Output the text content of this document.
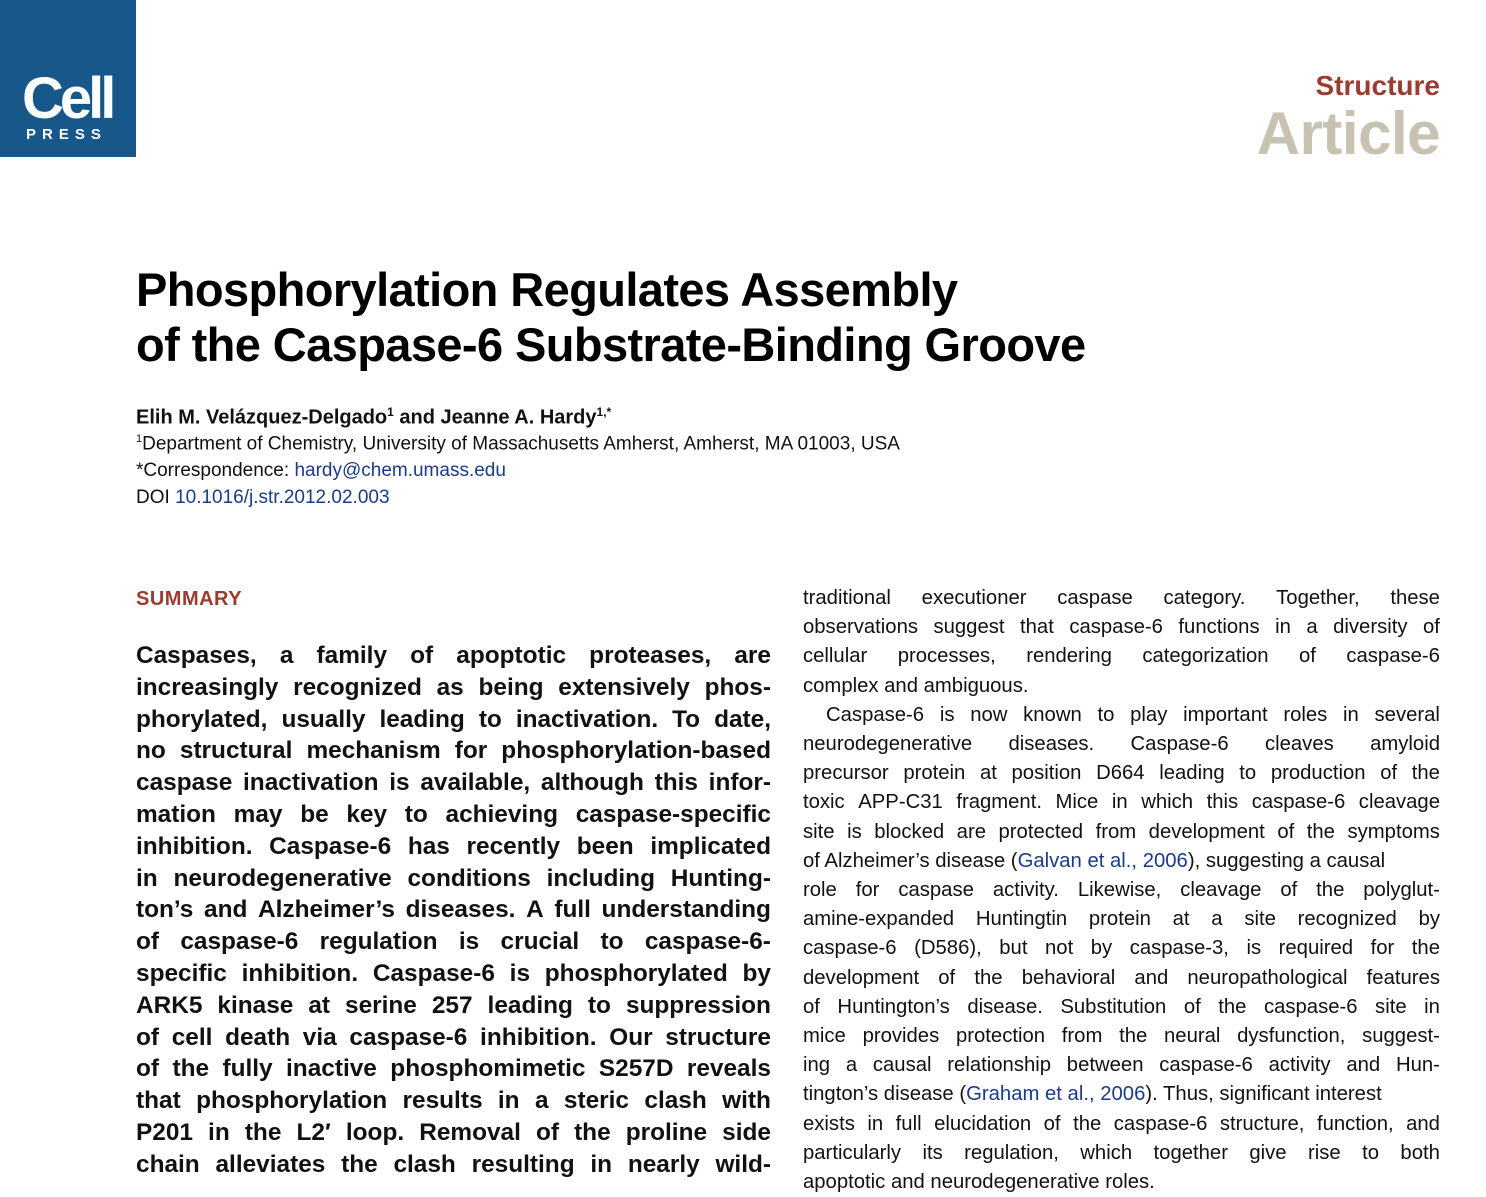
Cell
PRESS
Structure
Article
Phosphorylation Regulates Assembly
of the Caspase-6 Substrate-Binding Groove
Elih M. Velázquez-Delgado$^1$ and Jeanne A. Hardy$^{1,*}$
$^1$Department of Chemistry, University of Massachusetts Amherst, Amherst, MA 01003, USA
*Correspondence: hardy@chem.umass.edu
DOI 10.1016/j.str.2012.02.003
SUMMARY
Caspases, a family of apoptotic proteases, are
increasingly recognized as being extensively phos-
phorylated, usually leading to inactivation. To date,
no structural mechanism for phosphorylation-based
caspase inactivation is available, although this infor-
mation may be key to achieving caspase-specific
inhibition. Caspase-6 has recently been implicated
in neurodegenerative conditions including Hunting-
ton’s and Alzheimer’s diseases. A full understanding
of caspase-6 regulation is crucial to caspase-6-
specific inhibition. Caspase-6 is phosphorylated by
ARK5 kinase at serine 257 leading to suppression
of cell death via caspase-6 inhibition. Our structure
of the fully inactive phosphomimetic S257D reveals
that phosphorylation results in a steric clash with
P201 in the L2′ loop. Removal of the proline side
chain alleviates the clash resulting in nearly wild-

traditional executioner caspase category. Together, these
observations suggest that caspase-6 functions in a diversity of
cellular processes, rendering categorization of caspase-6
complex and ambiguous.

Caspase-6 is now known to play important roles in several
neurodegenerative diseases. Caspase-6 cleaves amyloid
precursor protein at position D664 leading to production of the
toxic APP-C31 fragment. Mice in which this caspase-6 cleavage
site is blocked are protected from development of the symptoms
of Alzheimer’s disease ( Galvan et al., 2006 ), suggesting a causal
role for caspase activity. Likewise, cleavage of the polyglut-
amine-expanded Huntingtin protein at a site recognized by
caspase-6 (D586), but not by caspase-3, is required for the
development of the behavioral and neuropathological features
of Huntington’s disease. Substitution of the caspase-6 site in
mice provides protection from the neural dysfunction, suggest-
ing a causal relationship between caspase-6 activity and Hun-
tington’s disease ( Graham et al., 2006 ). Thus, significant interest
exists in full elucidation of the caspase-6 structure, function, and
particularly its regulation, which together give rise to both
apoptotic and neurodegenerative roles.
